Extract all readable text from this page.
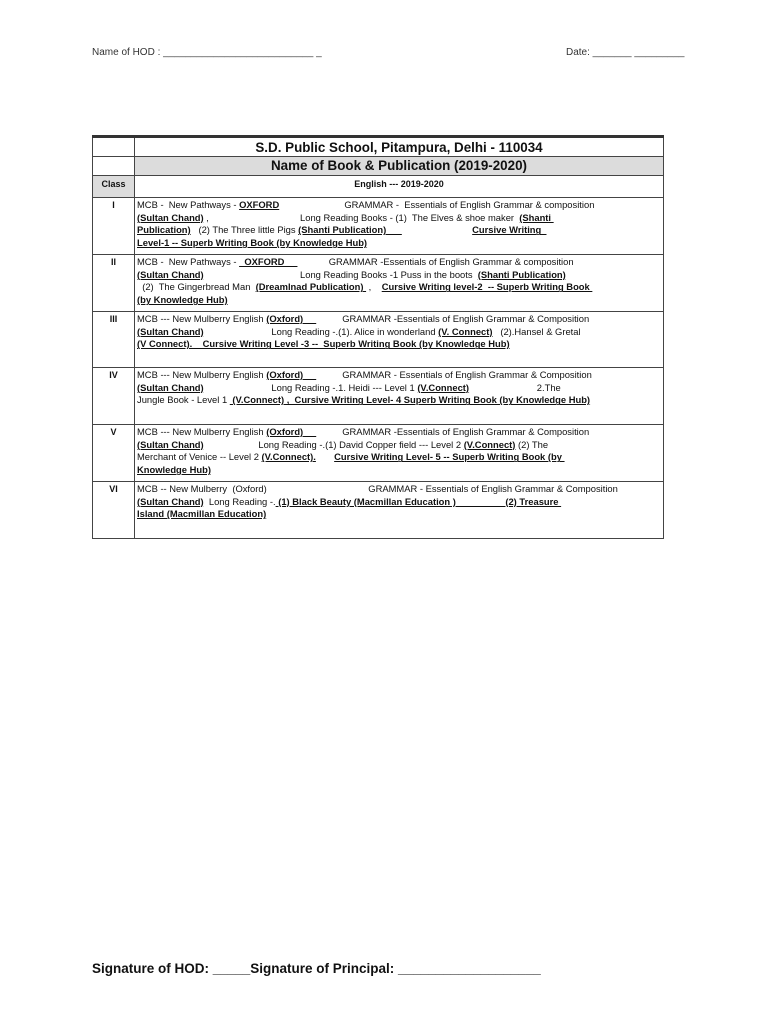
Name of HOD : ___________________________ _	Date: _______ _________
	S.D. Public School, Pitampura, Delhi - 110034
	Name of Book & Publication (2019-2020)
Class	English --- 2019-2020
I	MCB -  New Pathways - OXFORD                         GRAMMAR -  Essentials of English Grammar & composition
(Sultan Chand) ,                                   Long Reading Books - (1)  The Elves & shoe maker  (Shanti
Publication)   (2) The Three little Pigs (Shanti Publication) Cursive Writing
Level-1 -- Superb Writing Book (by Knowledge Hub)

II	MCB -  New Pathways -   OXFORD                 GRAMMAR -Essentials of English Grammar & composition
(Sultan Chand)                                     Long Reading Books -1 Puss in the boots  (Shanti Publication)
(2)  The Gingerbread Man  (Dreamlnad Publication)  ,    Cursive Writing level-2  -- Superb Writing Book
(by Knowledge Hub)

III	MCB --- New Mulberry English (Oxford)               GRAMMAR -Essentials of English Grammar & Composition
(Sultan Chand)                          Long Reading -.(1). Alice in wonderland (V. Connect)   (2).Hansel & Gretal
(V Connect).    Cursive Writing Level -3 --  Superb Writing Book (by Knowledge Hub)

IV	MCB --- New Mulberry English (Oxford)               GRAMMAR - Essentials of English Grammar & Composition
(Sultan Chand)                          Long Reading -.1. Heidi --- Level 1 (V.Connect)                          2.The
Jungle Book - Level 1  (V.Connect) ,  Cursive Writing Level- 4 Superb Writing Book (by Knowledge Hub)

V	MCB --- New Mulberry English (Oxford)               GRAMMAR -Essentials of English Grammar & Composition
(Sultan Chand)                     Long Reading -.(1) David Copper field --- Level 2 (V.Connect) (2) The
Merchant of Venice -- Level 2 (V.Connect). Cursive Writing Level- 5 -- Superb Writing Book (by
Knowledge Hub)

VI	MCB -- New Mulberry  (Oxford)                                       GRAMMAR - Essentials of English Grammar & Composition
(Sultan Chand)  Long Reading -. (1) Black Beauty (Macmillan Education )                   (2) Treasure
Island (Macmillan Education)
Signature of HOD: _____Signature of Principal: ___________________
